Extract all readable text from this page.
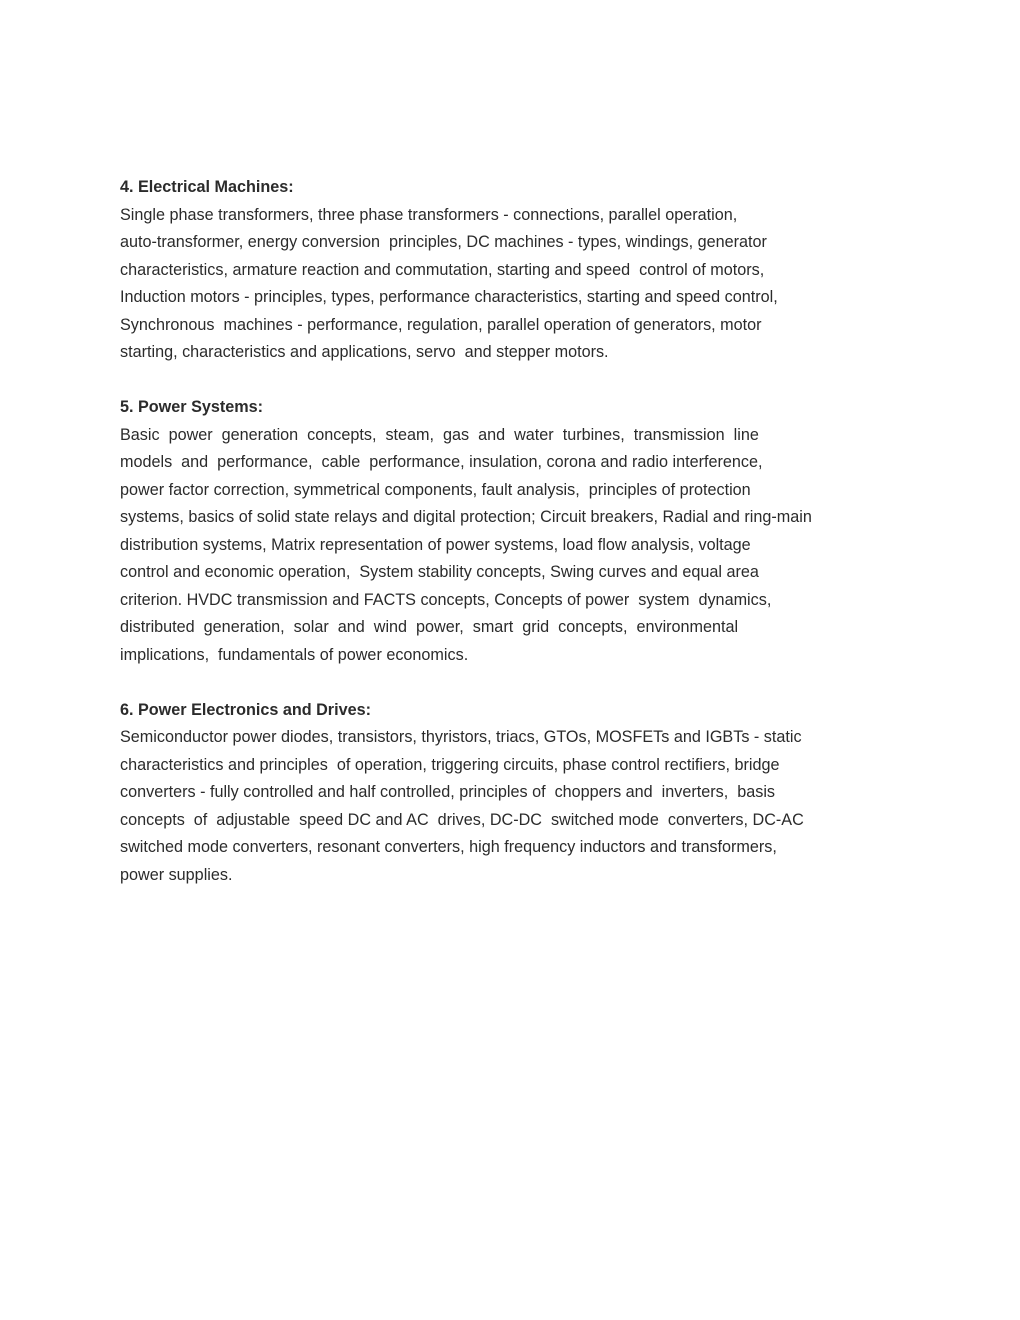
4. Electrical Machines:

Single phase transformers, three phase transformers - connections, parallel operation,

auto-transformer, energy conversion  principles, DC machines - types, windings, generator

characteristics, armature reaction and commutation, starting and speed  control of motors,

Induction motors - principles, types, performance characteristics, starting and speed control,

Synchronous  machines - performance, regulation, parallel operation of generators, motor

starting, characteristics and applications, servo  and stepper motors.

5. Power Systems:

Basic  power  generation  concepts,  steam,  gas  and  water  turbines,  transmission  line

models  and  performance,  cable  performance, insulation, corona and radio interference,

power factor correction, symmetrical components, fault analysis,  principles of protection

systems, basics of solid state relays and digital protection; Circuit breakers, Radial and ring-main

distribution systems, Matrix representation of power systems, load flow analysis, voltage

control and economic operation,  System stability concepts, Swing curves and equal area

criterion. HVDC transmission and FACTS concepts, Concepts of power  system  dynamics,

distributed  generation,  solar  and  wind  power,  smart  grid  concepts,  environmental

implications,  fundamentals of power economics.

6. Power Electronics and Drives:

Semiconductor power diodes, transistors, thyristors, triacs, GTOs, MOSFETs and IGBTs - static

characteristics and principles  of operation, triggering circuits, phase control rectifiers, bridge

converters - fully controlled and half controlled, principles of  choppers and  inverters,  basis

concepts  of  adjustable  speed DC and AC  drives, DC-DC  switched mode  converters, DC-AC

switched mode converters, resonant converters, high frequency inductors and transformers,

power supplies.
